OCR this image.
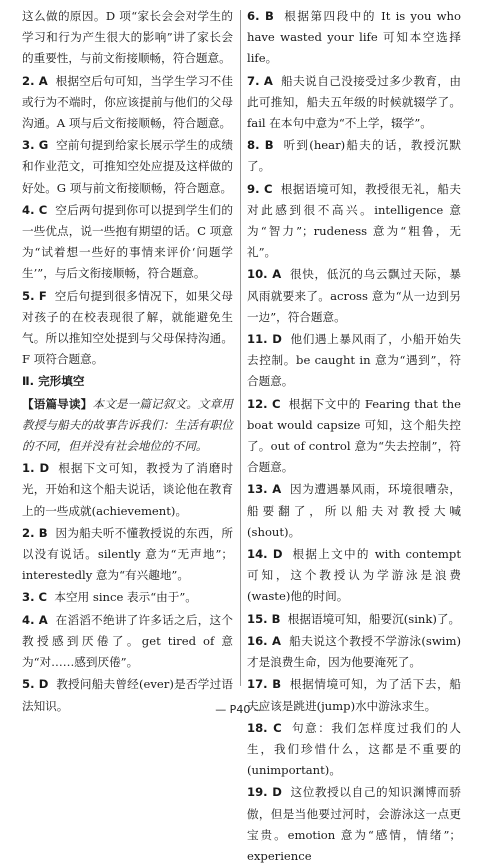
这么做的原因。D 项“家长会会对学生的学习和行为产生很大的影响”讲了家长会的重要性，与前文衔接顺畅，符合题意。

2. A 根据空后句可知，当学生学习不佳或行为不端时，你应该提前与他们的父母沟通。A 项与后文衔接顺畅，符合题意。

3. G 空前句提到给家长展示学生的成绩和作业范文，可推知空处应提及这样做的好处。G 项与前文衔接顺畅，符合题意。

4. C 空后两句提到你可以提到学生们的一些优点，说一些抱有期望的话。C 项意为“试着想一些好的事情来评价‘问题学生’”，与后文衔接顺畅，符合题意。

5. F 空后句提到很多情况下，如果父母对孩子的在校表现很了解，就能避免生气。所以推知空处提到与父母保持沟通。F 项符合题意。

Ⅱ. 完形填空

【语篇导读】本文是一篇记叙文。文章用教授与船夫的故事告诉我们：生活有职位的不同，但并没有社会地位的不同。

1. D 根据下文可知，教授为了消磨时光，开始和这个船夫说话，谈论他在教育上的一些成就(achievement)。

2. B 因为船夫听不懂教授说的东西，所以没有说话。silently 意为“无声地”；interestedly 意为“有兴趣地”。

3. C 本空用 since 表示“由于”。

4. A 在滔滔不绝讲了许多话之后，这个教授感到厌倦了。get tired of 意为“对……感到厌倦”。

5. D 教授问船夫曾经(ever)是否学过语法知识。

6. B 根据第四段中的 It is you who have wasted your life 可知本空选择 life。

7. A 船夫说自己没接受过多少教育，由此可推知，船夫五年级的时候就辍学了。fail 在本句中意为“不上学，辍学”。

8. B 听到(hear)船夫的话，教授沉默了。

9. C 根据语境可知，教授很无礼，船夫对此感到很不高兴。intelligence 意为“智力”；rudeness 意为“粗鲁，无礼”。

10. A 很快，低沉的乌云飘过天际，暴风雨就要来了。across 意为“从一边到另一边”，符合题意。

11. D 他们遇上暴风雨了，小船开始失去控制。be caught in 意为“遇到”，符合题意。

12. C 根据下文中的 Fearing that the boat would capsize 可知，这个船失控了。out of control 意为“失去控制”，符合题意。

13. A 因为遭遇暴风雨，环境很嘈杂，船要翻了，所以船夫对教授大喊(shout)。

14. D 根据上文中的 with contempt 可知，这个教授认为学游泳是浪费(waste)他的时间。

15. B 根据语境可知，船要沉(sink)了。

16. A 船夫说这个教授不学游泳(swim)才是浪费生命，因为他要淹死了。

17. B 根据情境可知，为了活下去，船夫应该是跳进(jump)水中游泳求生。

18. C 句意：我们怎样度过我们的人生，我们珍惜什么，这都是不重要的(unimportant)。

19. D 这位教授以自己的知识渊博而骄傲，但是当他要过河时，会游泳这一点更宝贵。emotion 意为“感情，情绪”；experience

— P40 —
